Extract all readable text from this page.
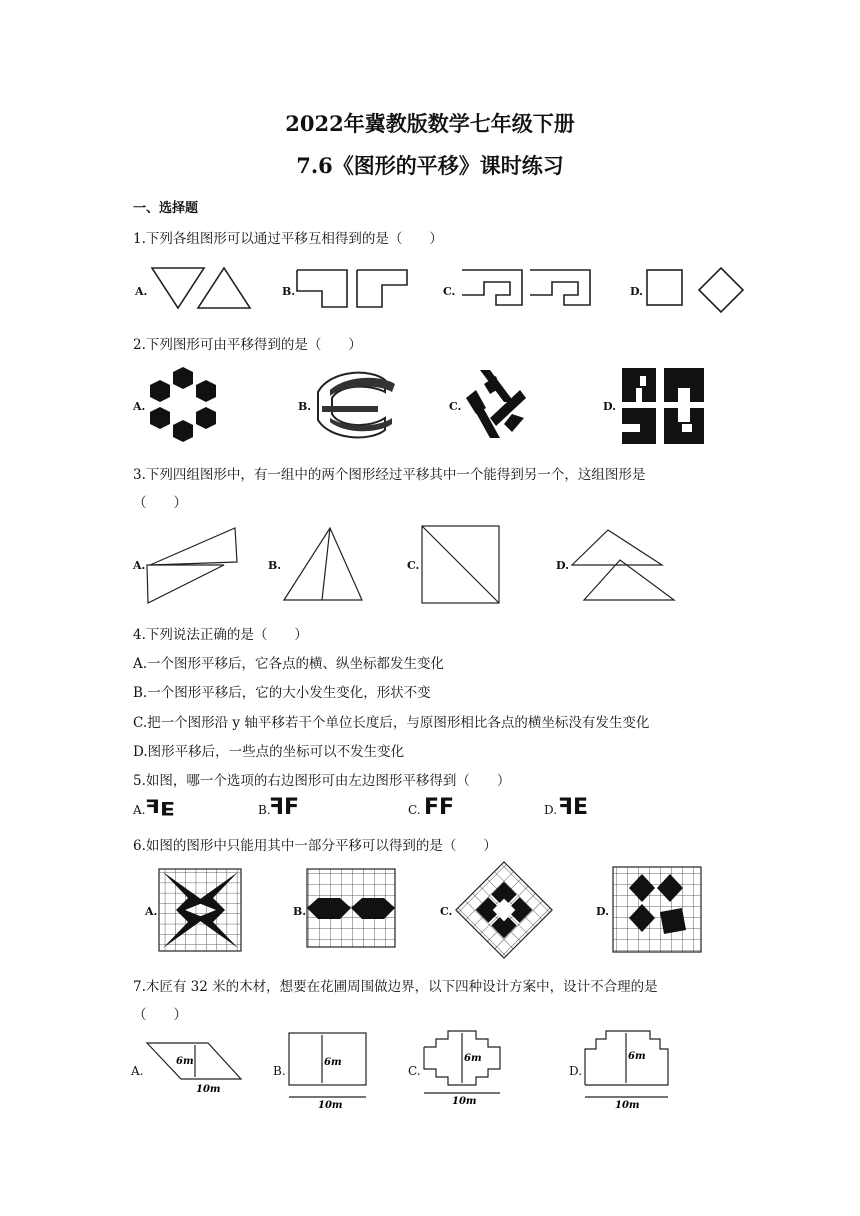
2022年冀教版数学七年级下册
7.6《图形的平移》课时练习
一、选择题
1.下列各组图形可以通过平移互相得到的是（　　）
A.	B.	C.	D.
2.下列图形可由平移得到的是（　　）
A.	B.	C.	D.
3.下列四组图形中，有一组中的两个图形经过平移其中一个能得到另一个，这组图形是
（　　）
A.	B.	C.	D.
4.下列说法正确的是（　　）
A.一个图形平移后，它各点的横、纵坐标都发生变化
B.一个图形平移后，它的大小发生变化，形状不变
C.把一个图形沿 y 轴平移若干个单位长度后，与原图形相比各点的横坐标没有发生变化
D.图形平移后，一些点的坐标可以不发生变化
5.如图，哪一个选项的右边图形可由左边图形平移得到（　　）
A.	B.	C.	D.
FE	FF	FF	FE
6.如图的图形中只能用其中一部分平移可以得到的是（　　）
A.	B.	C.	D.
7.木匠有 32 米的木材，想要在花圃周围做边界，以下四种设计方案中，设计不合理的是
（　　）
A.	B.	C.	D.
6m
10m
6m
10m
6m
10m
6m
10m
